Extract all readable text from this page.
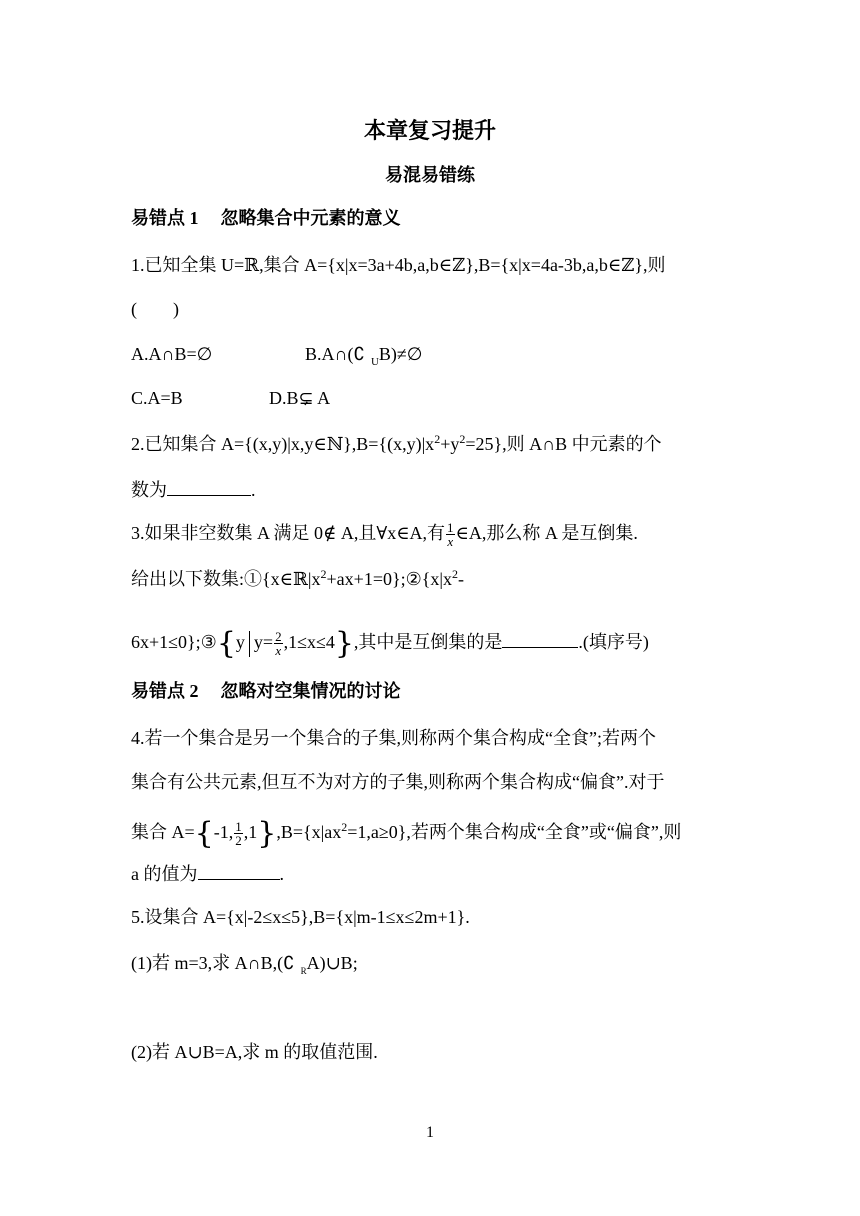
本章复习提升
易混易错练
易错点 1 忽略集合中元素的意义
1.已知全集 U=ℝ,集合 A={x|x=3a+4b,a,b∈ℤ},B={x|x=4a-3b,a,b∈ℤ},则
(　　)
A.A∩B=∅	B.A∩(∁ $_U$B)≠∅
C.A=B	D.B⊊ A
2.已知集合 $A=\{(x,y)|x,y\in ℕ\},B=\{(x,y)|x^2+y^2=25\}$,则 A∩B 中元素的个
数为	.
3.如果非空数集 A 满足 0∉ A,且∀x∈A,有 $\frac{1}{x}$ ∈A,那么称 A 是互倒集.
给出以下数集$:①\{x\in ℝ|x^2+ax+1=0\};②\{x|x^2-$
6x+1≤0};③{y $y= \frac{2}{x} ,1\le x\le 4$},其中是互倒集的是	.(填序号)
易错点 2 忽略对空集情况的讨论
4.若一个集合是另一个集合的子集,则称两个集合构成“全食”;若两个
集合有公共元素,但互不为对方的子集,则称两个集合构成“偏食”.对于
集合 A={-1, $\frac{1}{2} ,1\},B=\{x|ax^2=1,a\ge 0\}$,若两个集合构成“全食”或“偏食”,则
a 的值为	.
5.设集合 A={x|-2≤x≤5},B={x|m-1≤x≤2m+1}.
(1)若 m=3,求 A∩B,(∁ $_R$A)∪B;
(2)若 A∪B=A,求 m 的取值范围.
1
